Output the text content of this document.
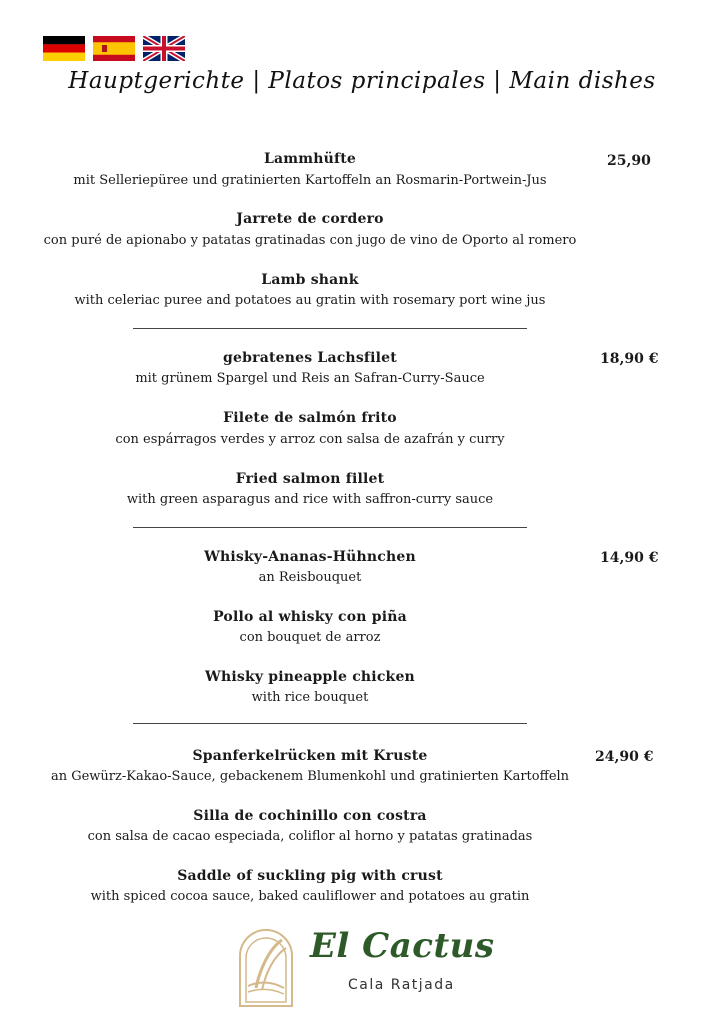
Hauptgerichte | Platos principales | Main dishes
Lammhüfte
mit Selleriepüree und gratinierten Kartoffeln an Rosmarin-Portwein-Jus
Jarrete de cordero
con puré de apionabo y patatas gratinadas con jugo de vino de Oporto al romero
Lamb shank
with celeriac puree and potatoes au gratin with rosemary port wine jus
25,90
gebratenes Lachsfilet
mit grünem Spargel und Reis an Safran-Curry-Sauce
Filete de salmón frito
con espárragos verdes y arroz con salsa de azafrán y curry
Fried salmon fillet
with green asparagus and rice with saffron-curry sauce
18,90 €
Whisky-Ananas-Hühnchen
an Reisbouquet
Pollo al whisky con piña
con bouquet de arroz
Whisky pineapple chicken
with rice bouquet
14,90 €
Spanferkelrücken mit Kruste
an Gewürz-Kakao-Sauce, gebackenem Blumenkohl und gratinierten Kartoffeln
Silla de cochinillo con costra
con salsa de cacao especiada, coliflor al horno y patatas gratinadas
Saddle of suckling pig with crust
with spiced cocoa sauce, baked cauliflower and potatoes au gratin
24,90 €
El Cactus
Cala Ratjada
